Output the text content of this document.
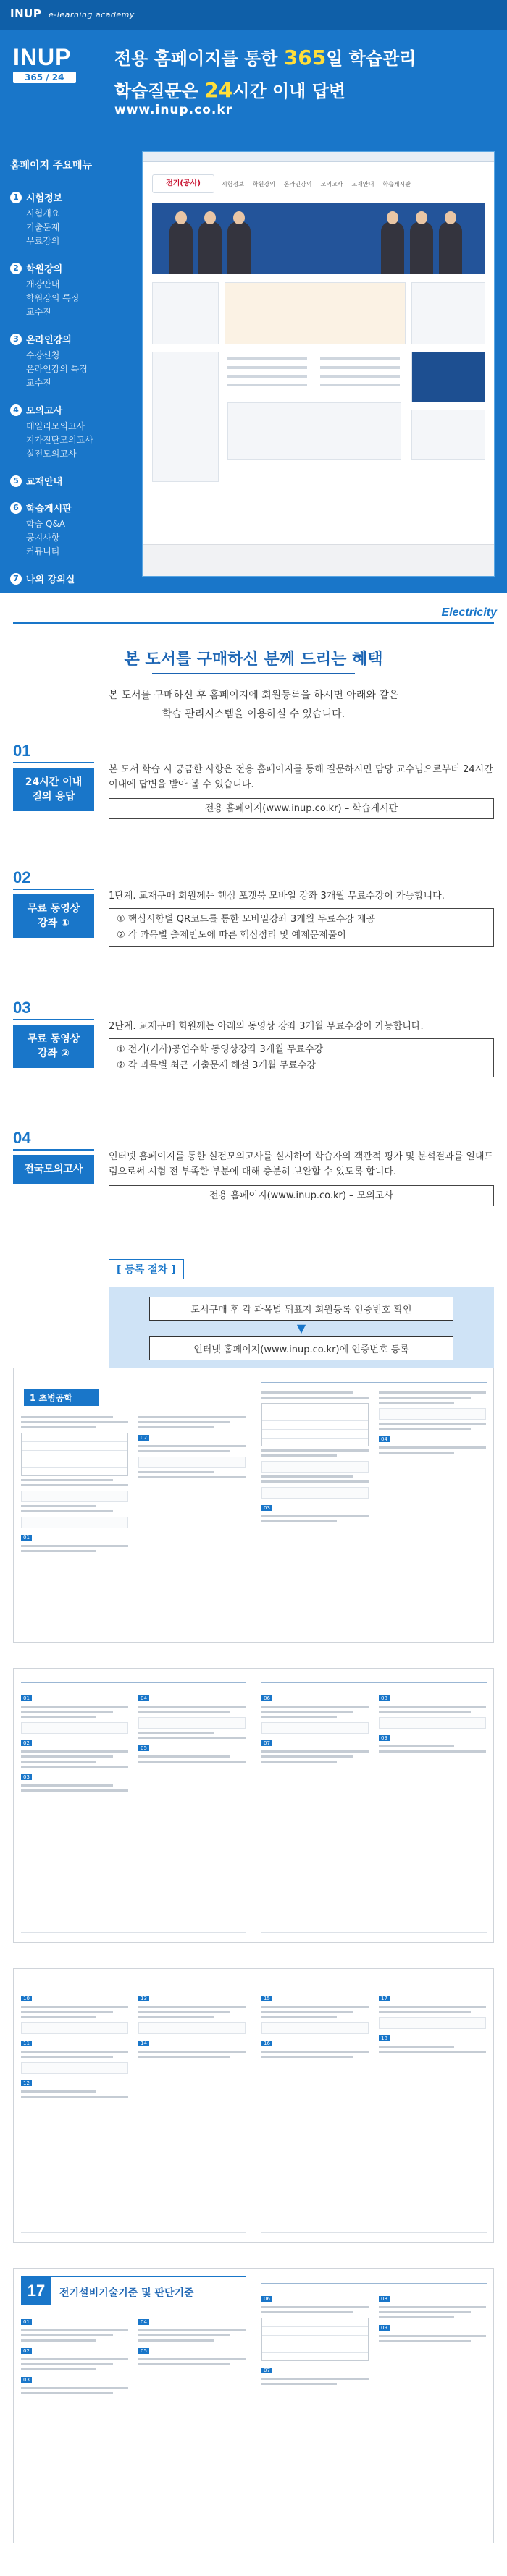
INUP e-learning academy
INUP
365 / 24
전용 홈페이지를 통한 365일 학습관리
학습질문은 24시간 이내 답변
www.inup.co.kr
홈페이지 주요메뉴
1 시험정보
시험개요
기출문제
무료강의
2 학원강의
개강안내
학원강의 특징
교수진
3 온라인강의
수강신청
온라인강의 특징
교수진
4 모의고사
데일리모의고사
지가진단모의고사
실전모의고사
5 교재안내
6 학습게시판
학습 Q&A
공지사항
커뮤니티
7 나의 강의실
전기(공사)	시험정보 학원강의 온라인강의 모의고사 교재안내 학습게시판
Electricity
본 도서를 구매하신 분께 드리는 혜택
본 도서를 구매하신 후 홈페이지에 회원등록을 하시면 아래와 같은
학습 관리시스템을 이용하실 수 있습니다.
01
24시간 이내
질의 응답
본 도서 학습 시 궁금한 사항은 전용 홈페이지를 통해 질문하시면 담당 교수님으로부터 24시간 이내에 답변을 받아 볼 수 있습니다.
전용 홈페이지(www.inup.co.kr) – 학습게시판
02
무료 동영상
강좌 ①
1단계. 교재구매 회원께는 핵심 포켓북 모바일 강좌 3개월 무료수강이 가능합니다.
① 핵심시항별 QR코드를 통한 모바일강좌 3개월 무료수강 제공
② 각 과목별 출제빈도에 따른 핵심정리 및 예제문제풀이
03
무료 동영상
강좌 ②
2단계. 교재구매 회원께는 아래의 동영상 강좌 3개월 무료수강이 가능합니다.
① 전기(기사)공업수학 동영상강좌 3개월 무료수강
② 각 과목별 최근 기출문제 해설 3개월 무료수강
04
전국모의고사
인터넷 홈페이지를 통한 실전모의고사를 실시하여 학습자의 객관적 평가 및 분석결과를 일대드럼으로써 시험 전 부족한 부분에 대해 충분히 보완할 수 있도록 합니다.
전용 홈페이지(www.inup.co.kr) – 모의고사
[ 등록 절차 ]
도서구매 후 각 과목별 뒤표지 회원등록 인증번호 확인
▼
인터넷 홈페이지(www.inup.co.kr)에 인증번호 등록
1 초병공학
01
02
03
04
01
02
03
04
05
06
07
08
09
10
11
12
13
14
15
16
17
18
17	전기설비기술기준 및 판단기준
01
02
03
04
05
06
07
08
09
